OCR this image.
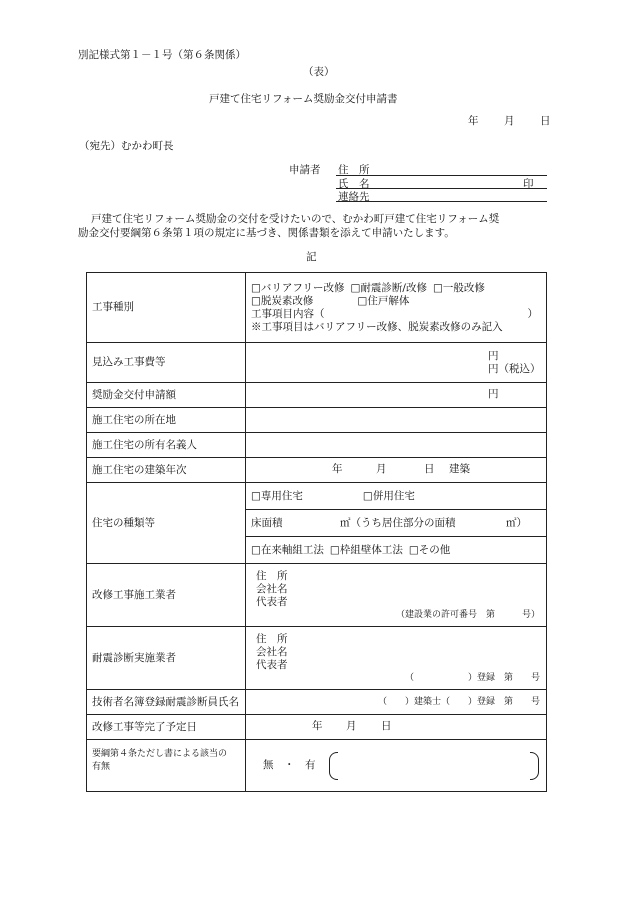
別記様式第１－１号（第６条関係）
（表）
戸建て住宅リフォーム奨励金交付申請書
年 月 日
（宛先）むかわ町長
申請者 住　所
氏　名	印
連絡先
戸建て住宅リフォーム奨励金の交付を受けたいので、むかわ町戸建て住宅リフォーム奨
励金交付要綱第６条第１項の規定に基づき、関係書類を添えて申請いたします。
記
工事種別	□バリアフリー改修 □耐震診断/改修 □一般改修
□脱炭素改修 □住戸解体
工事項目内容（ ）
※工事項目はバリアフリー改修、脱炭素改修のみ記入

見込み工事費等	円
円（税込）

奨励金交付申請額	円

施工住宅の所在地	
施工住宅の所有名義人	
施工住宅の建築年次	年 月 日 建築

住宅の種類等	□専用住宅 □併用住宅
床面積 ㎡（うち居住部分の面積 ㎡）
□在来軸組工法 □枠組壁体工法 □その他

改修工事施工業者	住　所
会社名
代表者
（建設業の許可番号　第　　　号）

耐震診断実施業者	住　所
会社名
代表者
（　　　　　　）登録　第　　号

技術者名簿登録耐震診断員氏名	（　　）建築士（　　）登録　第　　号

改修工事等完了予定日	年 月 日

要綱第４条ただし書による該当の
有無	無　・　有
